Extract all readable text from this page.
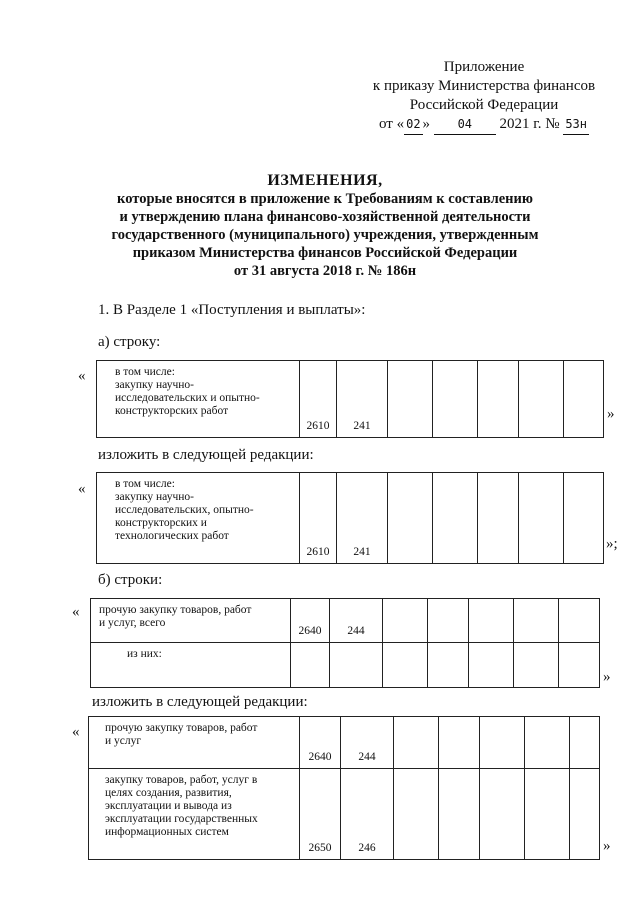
Приложение
к приказу Министерства финансов
Российской Федерации
от « 02 » 04 2021 г. № 53н
ИЗМЕНЕНИЯ,
которые вносятся в приложение к Требованиям к составлению
и утверждению плана финансово-хозяйственной деятельности
государственного (муниципального) учреждения, утвержденным
приказом Министерства финансов Российской Федерации
от 31 августа 2018 г. № 186н
1. В Разделе 1 «Поступления и выплаты»:
а) строку:
«	в том числе:
закупку научно-
исследовательских и опытно-
конструкторских работ	2610	241					
»
изложить в следующей редакции:
«	в том числе:
закупку научно-
исследовательских, опытно-
конструкторских и
технологических работ	2610	241						»;
б) строки:
« прочую закупку товаров, работ
и услуг, всего	2640	244					
из них:							
»
изложить в следующей редакции:
« прочую закупку товаров, работ
и услуг	2640	244					
закупку товаров, работ, услуг в
целях создания, развития,
эксплуатации и вывода из
эксплуатации государственных
информационных систем	2650	246						»
